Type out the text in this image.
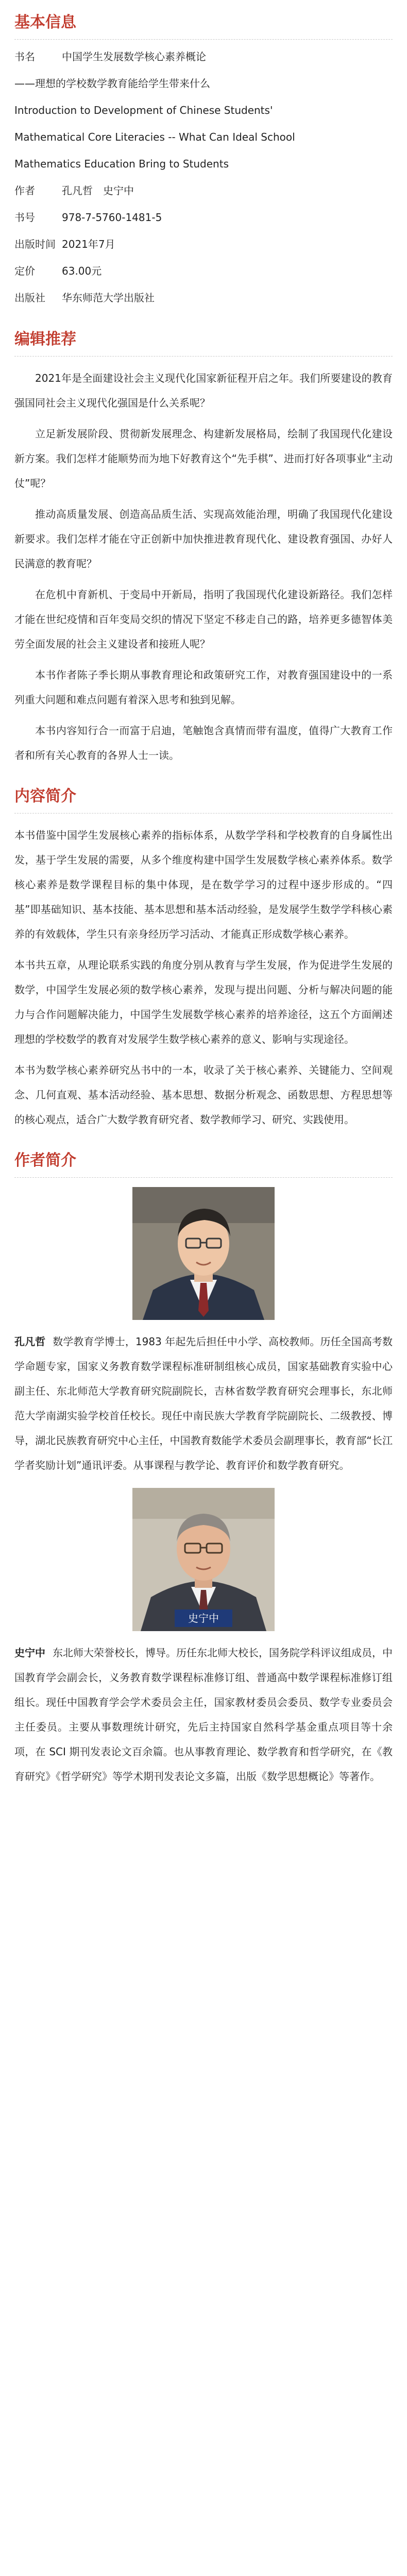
基本信息
书名	中国学生发展数学核心素养概论
——理想的学校数学教育能给学生带来什么
Introduction to Development of Chinese Students'
Mathematical Core Literacies -- What Can Ideal School
Mathematics Education Bring to Students
作者	孔凡哲　史宁中
书号	978-7-5760-1481-5
出版时间 2021年7月
定价	63.00元
出版社	华东师范大学出版社
编辑推荐

2021年是全面建设社会主义现代化国家新征程开启之年。我们所要建设的教育强国同社会主义现代化强国是什么关系呢？

立足新发展阶段、贯彻新发展理念、构建新发展格局，绘制了我国现代化建设新方案。我们怎样才能顺势而为地下好教育这个“先手棋”、进而打好各项事业“主动仗”呢？

推动高质量发展、创造高品质生活、实现高效能治理，明确了我国现代化建设新要求。我们怎样才能在守正创新中加快推进教育现代化、建设教育强国、办好人民满意的教育呢？

在危机中育新机、于变局中开新局，指明了我国现代化建设新路径。我们怎样才能在世纪疫情和百年变局交织的情况下坚定不移走自己的路，培养更多德智体美劳全面发展的社会主义建设者和接班人呢？

本书作者陈子季长期从事教育理论和政策研究工作，对教育强国建设中的一系列重大问题和难点问题有着深入思考和独到见解。

本书内容知行合一而富于启迪，笔触饱含真情而带有温度，值得广大教育工作者和所有关心教育的各界人士一读。

内容简介

本书借鉴中国学生发展核心素养的指标体系，从数学学科和学校教育的自身属性出发，基于学生发展的需要，从多个维度构建中国学生发展数学核心素养体系。数学核心素养是数学课程目标的集中体现，是在数学学习的过程中逐步形成的。“四基”即基础知识、基本技能、基本思想和基本活动经验，是发展学生数学学科核心素养的有效载体，学生只有亲身经历学习活动、才能真正形成数学核心素养。

本书共五章，从理论联系实践的角度分别从教育与学生发展，作为促进学生发展的数学，中国学生发展必须的数学核心素养，发现与提出问题、分析与解决问题的能力与合作问题解决能力，中国学生发展数学核心素养的培养途径，这五个方面阐述理想的学校数学的教育对发展学生数学核心素养的意义、影响与实现途径。

本书为数学核心素养研究丛书中的一本，收录了关于核心素养、关键能力、空间观念、几何直观、基本活动经验、基本思想、数据分析观念、函数思想、方程思想等的核心观点，适合广大数学教育研究者、数学教师学习、研究、实践使用。

作者简介

孔凡哲 数学教育学博士，1983 年起先后担任中小学、高校教师。历任全国高考数学命题专家，国家义务教育数学课程标准研制组核心成员，国家基础教育实验中心副主任、东北师范大学教育研究院副院长，吉林省数学教育研究会理事长，东北师范大学南湖实验学校首任校长。现任中南民族大学教育学院副院长、二级教授、博导，湖北民族教育研究中心主任，中国教育数能学术委员会副理事长，教育部“长江学者奖励计划”通讯评委。从事课程与教学论、教育评价和数学教育研究。

史宁中

史宁中 东北师大荣誉校长，博导。历任东北师大校长，国务院学科评议组成员，中国教育学会副会长，义务教育数学课程标准修订组、普通高中数学课程标准修订组组长。现任中国教育学会学术委员会主任，国家教材委员会委员、数学专业委员会主任委员。主要从事数理统计研究，先后主持国家自然科学基金重点项目等十余项，在 SCI 期刊发表论文百余篇。也从事教育理论、数学教育和哲学研究，在《教育研究》《哲学研究》等学术期刊发表论文多篇，出版《数学思想概论》等著作。
